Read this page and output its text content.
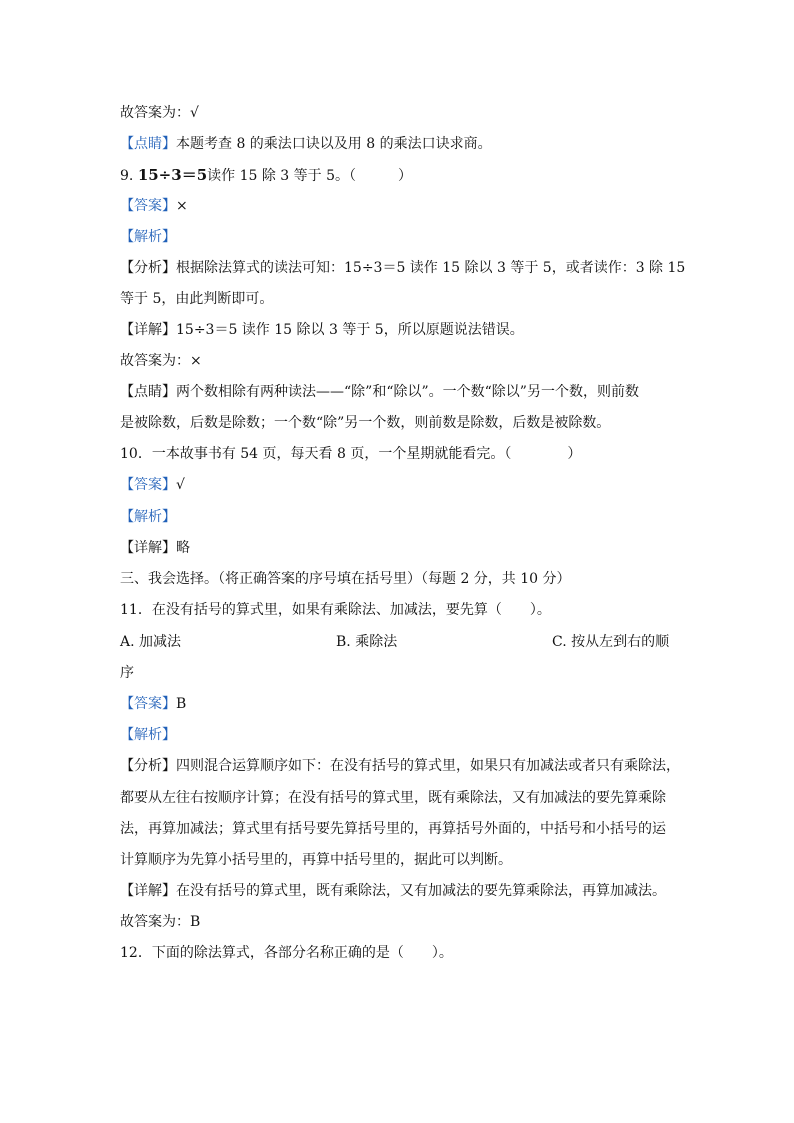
故答案为：√
【点睛】本题考查 8 的乘法口诀以及用 8 的乘法口诀求商。
9. 15÷3＝5读作 15 除 3 等于 5。（　　　）
【答案】×
【解析】
【分析】根据除法算式的读法可知：15÷3＝5 读作 15 除以 3 等于 5，或者读作：3 除 15
等于 5，由此判断即可。
【详解】15÷3＝5 读作 15 除以 3 等于 5，所以原题说法错误。
故答案为：×
【点睛】两个数相除有两种读法——“除”和“除以”。一个数“除以”另一个数，则前数
是被除数，后数是除数；一个数“除”另一个数，则前数是除数，后数是被除数。
10．一本故事书有 54 页，每天看 8 页，一个星期就能看完。（　　　　）
【答案】√
【解析】
【详解】略
三、我会选择。（将正确答案的序号填在括号里）（每题 2 分，共 10 分）
11．在没有括号的算式里，如果有乘除法、加减法，要先算（　　）。
A. 加减法	B. 乘除法	C. 按从左到右的顺
序
【答案】B
【解析】
【分析】四则混合运算顺序如下：在没有括号的算式里，如果只有加减法或者只有乘除法，
都要从左往右按顺序计算；在没有括号的算式里，既有乘除法，又有加减法的要先算乘除
法，再算加减法；算式里有括号要先算括号里的，再算括号外面的，中括号和小括号的运
计算顺序为先算小括号里的，再算中括号里的，据此可以判断。
【详解】在没有括号的算式里，既有乘除法，又有加减法的要先算乘除法，再算加减法。
故答案为：B
12．下面的除法算式，各部分名称正确的是（　　）。
